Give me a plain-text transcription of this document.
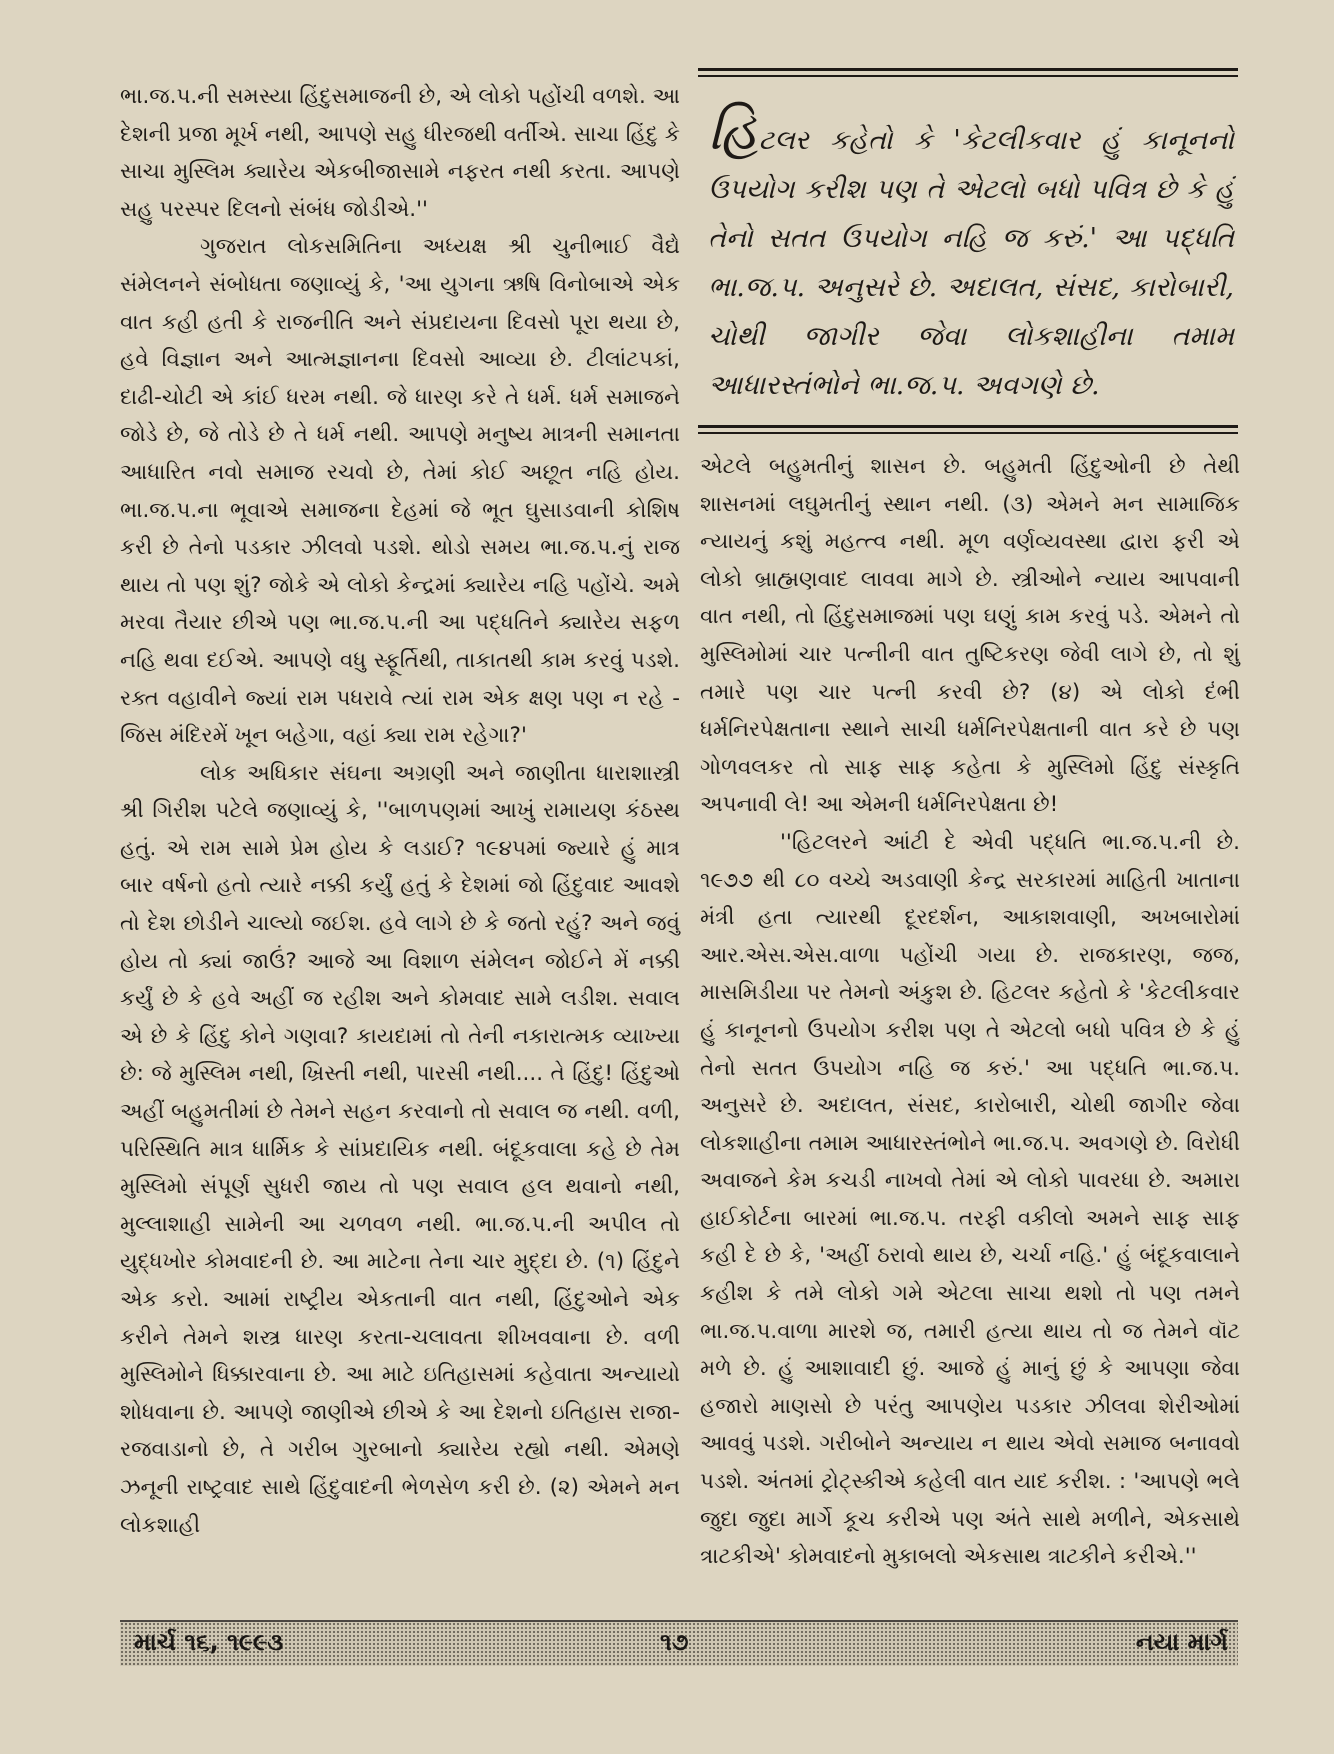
ભા.જ.પ.ની સમસ્યા હિંદુસમાજની છે, એ લોકો પહોંચી વળશે. આ દેશની પ્રજા મૂર્ખ નથી, આપણે સહુ ધીરજથી વર્તીએ. સાચા હિંદુ કે સાચા મુસ્લિમ ક્યારેય એકબીજાસામે નફરત નથી કરતા. આપણે સહુ પરસ્પર દિલનો સંબંધ જોડીએ.''

ગુજરાત લોકસમિતિના અધ્યક્ષ શ્રી ચુનીભાઈ વૈદ્યે સંમેલનને સંબોધતા જણાવ્યું કે, 'આ યુગના ઋષિ વિનોબાએ એક વાત કહી હતી કે રાજનીતિ અને સંપ્રદાયના દિવસો પૂરા થયા છે, હવે વિજ્ઞાન અને આત્મજ્ઞાનના દિવસો આવ્યા છે. ટીલાંટપકાં, દાઢી-ચોટી એ કાંઈ ધરમ નથી. જે ધારણ કરે તે ધર્મ. ધર્મ સમાજને જોડે છે, જે તોડે છે તે ધર્મ નથી. આપણે મનુષ્ય માત્રની સમાનતા આધારિત નવો સમાજ રચવો છે, તેમાં કોઈ અછૂત નહિ હોય. ભા.જ.પ.ના ભૂવાએ સમાજના દેહમાં જે ભૂત ઘુસાડવાની કોશિષ કરી છે તેનો પડકાર ઝીલવો પડશે. થોડો સમય ભા.જ.પ.નું રાજ થાય તો પણ શું? જોકે એ લોકો કેન્દ્રમાં ક્યારેય નહિ પહોંચે. અમે મરવા તૈયાર છીએ પણ ભા.જ.પ.ની આ પદ્ધતિને ક્યારેય સફળ નહિ થવા દઈએ. આપણે વધુ સ્ફૂર્તિથી, તાકાતથી કામ કરવું પડશે. રક્ત વહાવીને જ્યાં રામ પધરાવે ત્યાં રામ એક ક્ષણ પણ ન રહે - જિસ મંદિરમેં ખૂન બહેગા, વહાં ક્યા રામ રહેગા?'

લોક અધિકાર સંઘના અગ્રણી અને જાણીતા ધારાશાસ્ત્રી શ્રી ગિરીશ પટેલે જણાવ્યું કે, ''બાળપણમાં આખું રામાયણ કંઠસ્થ હતું. એ રામ સામે પ્રેમ હોય કે લડાઈ? ૧૯૪૫માં જ્યારે હું માત્ર બાર વર્ષનો હતો ત્યારે નક્કી કર્યું હતું કે દેશમાં જો હિંદુવાદ આવશે તો દેશ છોડીને ચાલ્યો જઈશ. હવે લાગે છે કે જતો રહું? અને જવું હોય તો ક્યાં જાઉં? આજે આ વિશાળ સંમેલન જોઈને મેં નક્કી કર્યું છે કે હવે અહીં જ રહીશ અને કોમવાદ સામે લડીશ. સવાલ એ છે કે હિંદુ કોને ગણવા? કાયદામાં તો તેની નકારાત્મક વ્યાખ્યા છે: જે મુસ્લિમ નથી, ખ્રિસ્તી નથી, પારસી નથી.... તે હિંદુ! હિંદુઓ અહીં બહુમતીમાં છે તેમને સહન કરવાનો તો સવાલ જ નથી. વળી, પરિસ્થિતિ માત્ર ધાર્મિક કે સાંપ્રદાયિક નથી. બંદૂકવાલા કહે છે તેમ મુસ્લિમો સંપૂર્ણ સુધરી જાય તો પણ સવાલ હલ થવાનો નથી, મુલ્લાશાહી સામેની આ ચળવળ નથી. ભા.જ.પ.ની અપીલ તો યુદ્ધખોર કોમવાદની છે. આ માટેના તેના ચાર મુદ્દા છે. (૧) હિંદુને એક કરો. આમાં રાષ્ટ્રીય એકતાની વાત નથી, હિંદુઓને એક કરીને તેમને શસ્ત્ર ધારણ કરતા-ચલાવતા શીખવવાના છે. વળી મુસ્લિમોને ધિક્કારવાના છે. આ માટે ઇતિહાસમાં કહેવાતા અન્યાયો શોધવાના છે. આપણે જાણીએ છીએ કે આ દેશનો ઇતિહાસ રાજા-રજવાડાનો છે, તે ગરીબ ગુરબાનો ક્યારેય રહ્યો નથી. એમણે ઝનૂની રાષ્ટ્રવાદ સાથે હિંદુવાદની ભેળસેળ કરી છે. (૨) એમને મન લોકશાહી

હિટલર કહેતો કે 'કેટલીકવાર હું કાનૂનનો ઉપયોગ કરીશ પણ તે એટલો બધો પવિત્ર છે કે હું તેનો સતત ઉપયોગ નહિ જ કરું.' આ પદ્ધતિ ભા.જ.પ. અનુસરે છે. અદાલત, સંસદ, કારોબારી, ચોથી જાગીર જેવા લોકશાહીના તમામ આધારસ્તંભોને ભા.જ.પ. અવગણે છે.

એટલે બહુમતીનું શાસન છે. બહુમતી હિંદુઓની છે તેથી શાસનમાં લઘુમતીનું સ્થાન નથી. (૩) એમને મન સામાજિક ન્યાયનું કશું મહત્ત્વ નથી. મૂળ વર્ણવ્યવસ્થા દ્વારા ફરી એ લોકો બ્રાહ્મણવાદ લાવવા માગે છે. સ્ત્રીઓને ન્યાય આપવાની વાત નથી, તો હિંદુસમાજમાં પણ ઘણું કામ કરવું પડે. એમને તો મુસ્લિમોમાં ચાર પત્નીની વાત તુષ્ટિકરણ જેવી લાગે છે, તો શું તમારે પણ ચાર પત્ની કરવી છે? (૪) એ લોકો દંભી ધર્મનિરપેક્ષતાના સ્થાને સાચી ધર્મનિરપેક્ષતાની વાત કરે છે પણ ગોળવલકર તો સાફ સાફ કહેતા કે મુસ્લિમો હિંદુ સંસ્કૃતિ અપનાવી લે! આ એમની ધર્મનિરપેક્ષતા છે!

''હિટલરને આંટી દે એવી પદ્ધતિ ભા.જ.પ.ની છે. ૧૯૭૭ થી ૮૦ વચ્ચે અડવાણી કેન્દ્ર સરકારમાં માહિતી ખાતાના મંત્રી હતા ત્યારથી દૂરદર્શન, આકાશવાણી, અખબારોમાં આર.એસ.એસ.વાળા પહોંચી ગયા છે. રાજકારણ, જજ, માસમિડીયા પર તેમનો અંકુશ છે. હિટલર કહેતો કે 'કેટલીકવાર હું કાનૂનનો ઉપયોગ કરીશ પણ તે એટલો બધો પવિત્ર છે કે હું તેનો સતત ઉપયોગ નહિ જ કરું.' આ પદ્ધતિ ભા.જ.પ. અનુસરે છે. અદાલત, સંસદ, કારોબારી, ચોથી જાગીર જેવા લોકશાહીના તમામ આધારસ્તંભોને ભા.જ.પ. અવગણે છે. વિરોધી અવાજને કેમ કચડી નાખવો તેમાં એ લોકો પાવરધા છે. અમારા હાઈકોર્ટના બારમાં ભા.જ.પ. તરફી વકીલો અમને સાફ સાફ કહી દે છે કે, 'અહીં ઠરાવો થાય છે, ચર્ચા નહિ.' હું બંદૂકવાલાને કહીશ કે તમે લોકો ગમે એટલા સાચા થશો તો પણ તમને ભા.જ.પ.વાળા મારશે જ, તમારી હત્યા થાય તો જ તેમને વૉટ મળે છે. હું આશાવાદી છું. આજે હું માનું છું કે આપણા જેવા હજારો માણસો છે પરંતુ આપણેય પડકાર ઝીલવા શેરીઓમાં આવવું પડશે. ગરીબોને અન્યાય ન થાય એવો સમાજ બનાવવો પડશે. અંતમાં ટ્રોટ્સ્કીએ કહેલી વાત યાદ કરીશ. : 'આપણે ભલે જુદા જુદા માર્ગે કૂચ કરીએ પણ અંતે સાથે મળીને, એકસાથે ત્રાટકીએ' કોમવાદનો મુકાબલો એકસાથ ત્રાટકીને કરીએ.''

માર્ચ ૧૬, ૧૯૯૩	૧૭	નયા માર્ગ
